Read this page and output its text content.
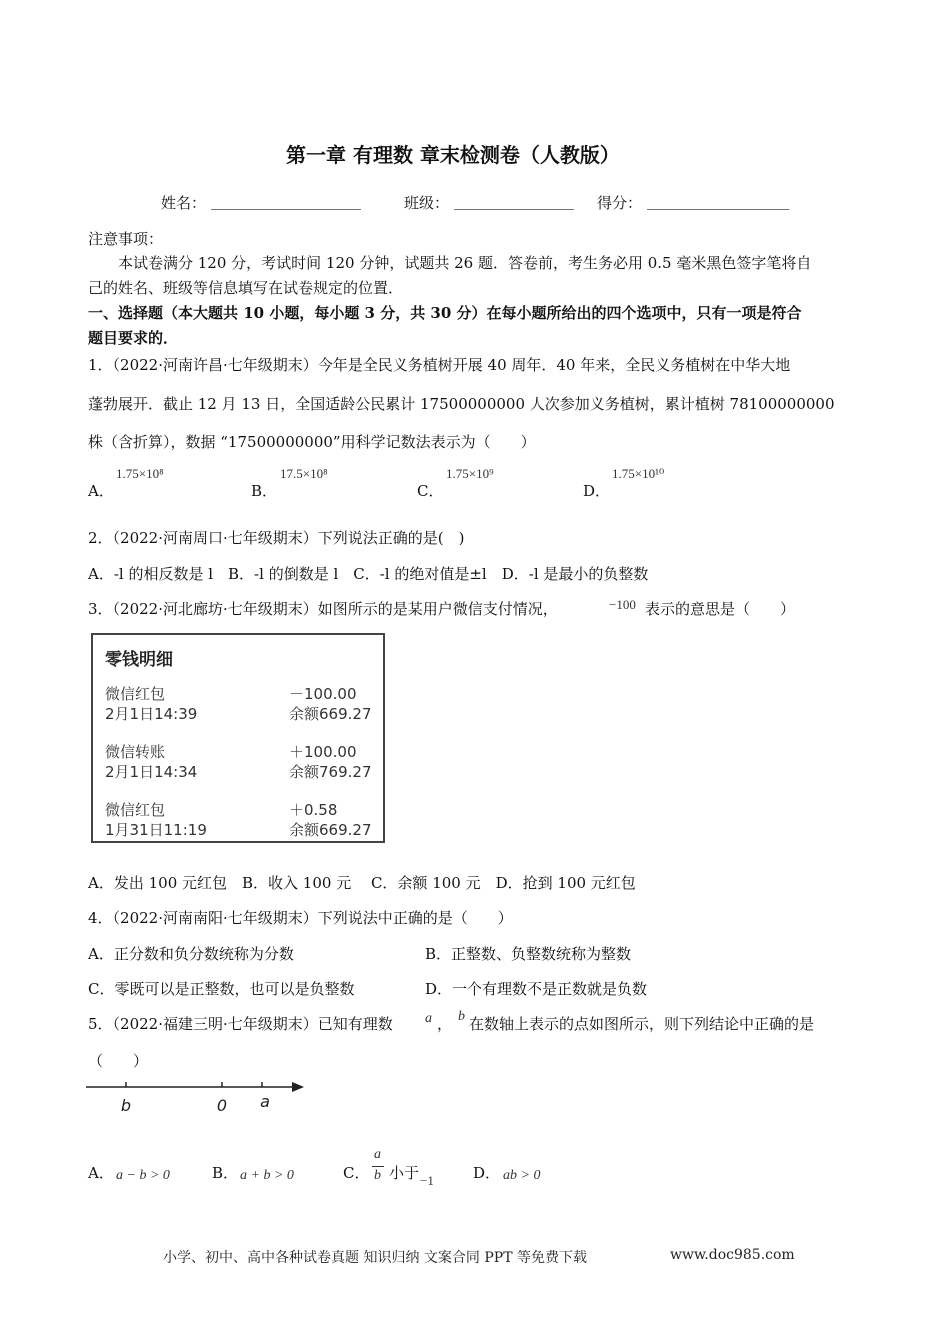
第一章 有理数 章末检测卷（人教版）
姓名： ____________________	班级： ________________ 得分： ___________________
注意事项：
本试卷满分 120 分，考试时间 120 分钟，试题共 26 题．答卷前，考生务必用 0.5 毫米黑色签字笔将自
己的姓名、班级等信息填写在试卷规定的位置．
一、选择题（本大题共 10 小题，每小题 3 分，共 30 分）在每小题所给出的四个选项中，只有一项是符合
题目要求的．
1．（2022·河南许昌·七年级期末）今年是全民义务植树开展 40 周年．40 年来，全民义务植树在中华大地
蓬勃展开．截止 12 月 13 日，全国适龄公民累计 17500000000 人次参加义务植树，累计植树 78100000000
株（含折算），数据 “17500000000”用科学记数法表示为（　　）
A．
1.75×10⁸
B．
17.5×10⁸
C．
1.75×10⁹
D．
1.75×10¹⁰
2．（2022·河南周口·七年级期末）下列说法正确的是(　)
A．-l 的相反数是 l　B．-l 的倒数是 l　C．-l 的绝对值是±l　D．-l 是最小的负整数
3．（2022·河北廊坊·七年级期末）如图所示的是某用户微信支付情况，	−100 表示的意思是（　　）
零钱明细
微信红包
2月1日14:39
－100.00
余额669.27
微信转账
2月1日14:34
＋100.00
余额769.27
微信红包
1月31日11:19
＋0.58
余额669.27
A．发出 100 元红包　B．收入 100 元　 C．余额 100 元　D．抢到 100 元红包
4．（2022·河南南阳·七年级期末）下列说法中正确的是（　　）
A．正分数和负分数统称为分数	B．正整数、负整数统称为整数
C．零既可以是正整数，也可以是负整数	D．一个有理数不是正数就是负数
5．（2022·福建三明·七年级期末）已知有理数 a ， b 在数轴上表示的点如图所示，则下列结论中正确的是
（　　）
b	0 a
A． a − b > 0	B． a + b > 0	C．
a
b 小于 −1	D． ab > 0
小学、初中、高中各种试卷真题 知识归纳 文案合同 PPT 等免费下载	www.doc985.com
